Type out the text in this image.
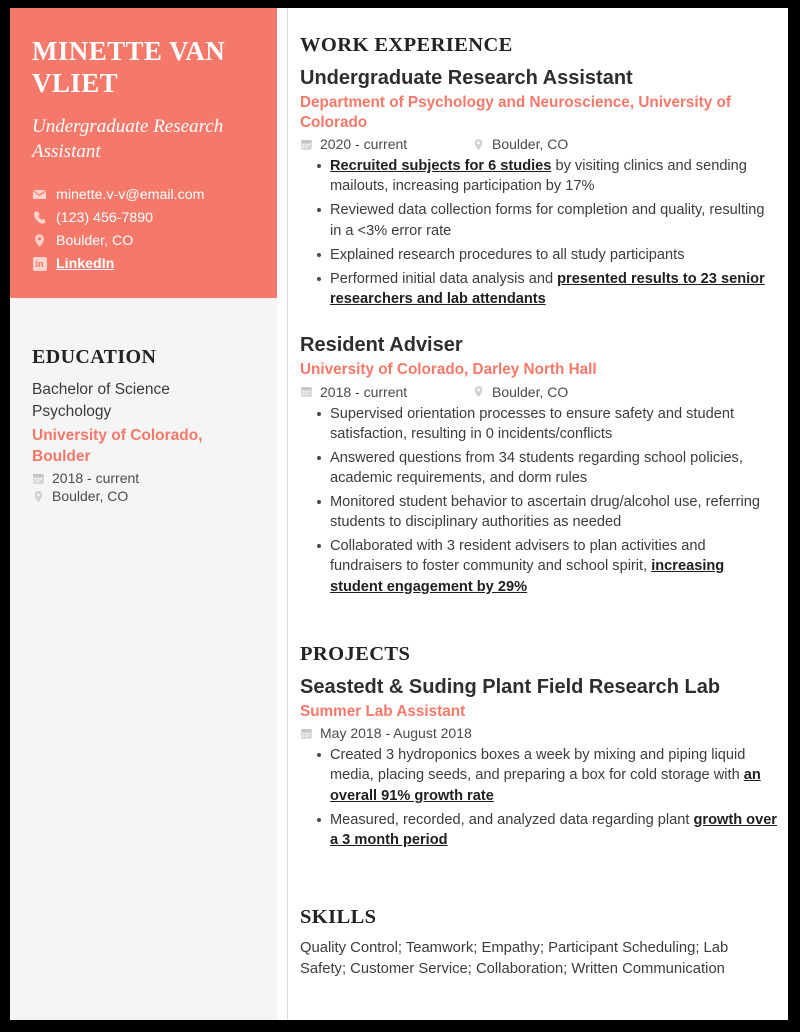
MINETTE VAN VLIET
Undergraduate Research Assistant
minette.v-v@email.com
(123) 456-7890
Boulder, CO
in LinkedIn
EDUCATION

Bachelor of Science

Psychology

University of Colorado, Boulder

2018 - current
Boulder, CO
WORK EXPERIENCE
Undergraduate Research Assistant
Department of Psychology and Neuroscience, University of Colorado
2020 - current	Boulder, CO
Recruited subjects for 6 studies by visiting clinics and sending mailouts, increasing participation by 17%
Reviewed data collection forms for completion and quality, resulting in a <3% error rate
Explained research procedures to all study participants
Performed initial data analysis and presented results to 23 senior researchers and lab attendants
Resident Adviser
University of Colorado, Darley North Hall
2018 - current	Boulder, CO
Supervised orientation processes to ensure safety and student satisfaction, resulting in 0 incidents/conflicts
Answered questions from 34 students regarding school policies, academic requirements, and dorm rules
Monitored student behavior to ascertain drug/alcohol use, referring students to disciplinary authorities as needed
Collaborated with 3 resident advisers to plan activities and fundraisers to foster community and school spirit, increasing student engagement by 29%
PROJECTS
Seastedt & Suding Plant Field Research Lab
Summer Lab Assistant
May 2018 - August 2018
Created 3 hydroponics boxes a week by mixing and piping liquid media, placing seeds, and preparing a box for cold storage with an overall 91% growth rate
Measured, recorded, and analyzed data regarding plant growth over a 3 month period
SKILLS

Quality Control; Teamwork; Empathy; Participant Scheduling; Lab Safety; Customer Service; Collaboration; Written Communication
